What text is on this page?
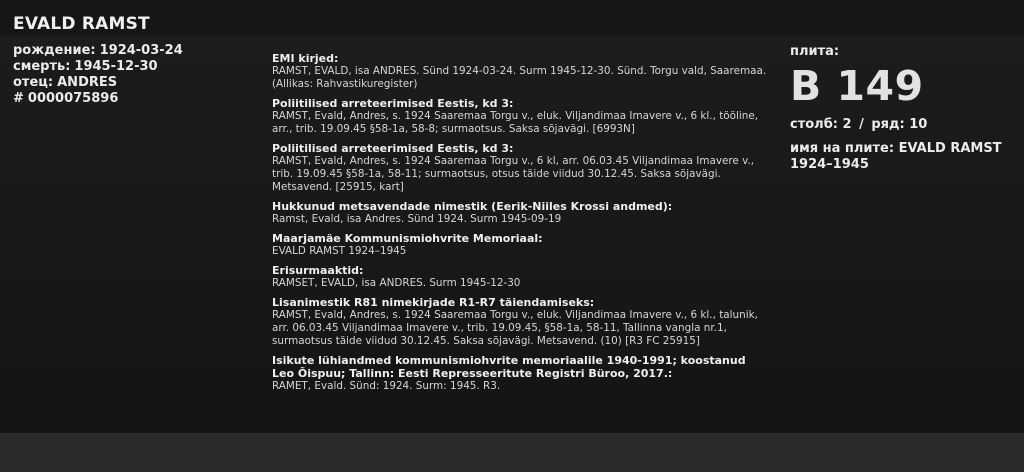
EVALD RAMST
рождение: 1924-03-24
смерть: 1945-12-30
отец: ANDRES
# 0000075896
EMI kirjed:
RAMST, EVALD, isa ANDRES. Sünd 1924-03-24. Surm 1945-12-30. Sünd. Torgu vald, Saaremaa. (Allikas: Rahvastikuregister)
Poliitilised arreteerimised Eestis, kd 3:
RAMST, Evald, Andres, s. 1924 Saaremaa Torgu v., eluk. Viljandimaa Imavere v., 6 kl., tööline, arr., trib. 19.09.45 §58-1a, 58-8; surmaotsus. Saksa sõjavägi. [6993N]
Poliitilised arreteerimised Eestis, kd 3:
RAMST, Evald, Andres, s. 1924 Saaremaa Torgu v., 6 kl, arr. 06.03.45 Viljandimaa Imavere v., trib. 19.09.45 §58-1a, 58-11; surmaotsus, otsus täide viidud 30.12.45. Saksa sõjavägi. Metsavend. [25915, kart]
Hukkunud metsavendade nimestik (Eerik-Niiles Krossi andmed):
Ramst, Evald, isa Andres. Sünd 1924. Surm 1945-09-19
Maarjamäe Kommunismiohvrite Memoriaal:
EVALD RAMST 1924–1945
Erisurmaaktid:
RAMSET, EVALD, isa ANDRES. Surm 1945-12-30
Lisanimestik R81 nimekirjade R1-R7 täiendamiseks:
RAMST, Evald, Andres, s. 1924 Saaremaa Torgu v., eluk. Viljandimaa Imavere v., 6 kl., talunik, arr. 06.03.45 Viljandimaa Imavere v., trib. 19.09.45, §58-1a, 58-11, Tallinna vangla nr.1, surmaotsus täide viidud 30.12.45. Saksa sõjavägi. Metsavend. (10) [R3 FC 25915]
Isikute lühiandmed kommunismiohvrite memoriaalile 1940-1991; koostanud Leo Õispuu; Tallinn: Eesti Represseeritute Registri Büroo, 2017.:
RAMET, Evald. Sünd: 1924. Surm: 1945. R3.
плита:
B 149
столб: 2 / ряд: 10
имя на плите: EVALD RAMST
1924–1945
